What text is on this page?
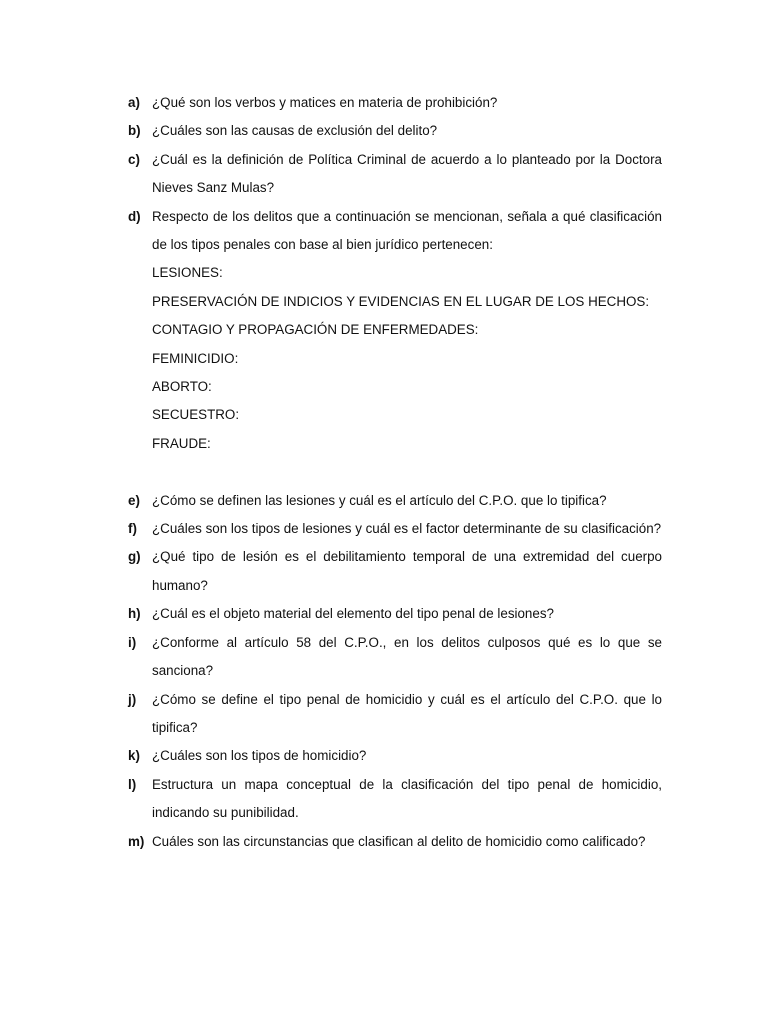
a) ¿Qué son los verbos y matices en materia de prohibición?
b) ¿Cuáles son las causas de exclusión del delito?
c) ¿Cuál es la definición de Política Criminal de acuerdo a lo planteado por la Doctora Nieves Sanz Mulas?
d) Respecto de los delitos que a continuación se mencionan, señala a qué clasificación de los tipos penales con base al bien jurídico pertenecen:
LESIONES:
PRESERVACIÓN DE INDICIOS Y EVIDENCIAS EN EL LUGAR DE LOS HECHOS:
CONTAGIO Y PROPAGACIÓN DE ENFERMEDADES:
FEMINICIDIO:
ABORTO:
SECUESTRO:
FRAUDE:
e) ¿Cómo se definen las lesiones y cuál es el artículo del C.P.O. que lo tipifica?
f)	¿Cuáles son los tipos de lesiones y cuál es el factor determinante de su clasificación?
g) ¿Qué tipo de lesión es el debilitamiento temporal de una extremidad del cuerpo humano?
h) ¿Cuál es el objeto material del elemento del tipo penal de lesiones?
i)	¿Conforme al artículo 58 del C.P.O., en los delitos culposos qué es lo que se sanciona?
j)	¿Cómo se define el tipo penal de homicidio y cuál es el artículo del C.P.O. que lo tipifica?
k) ¿Cuáles son los tipos de homicidio?
l)	Estructura un mapa conceptual de la clasificación del tipo penal de homicidio, indicando su punibilidad.
m) Cuáles son las circunstancias que clasifican al delito de homicidio como calificado?
